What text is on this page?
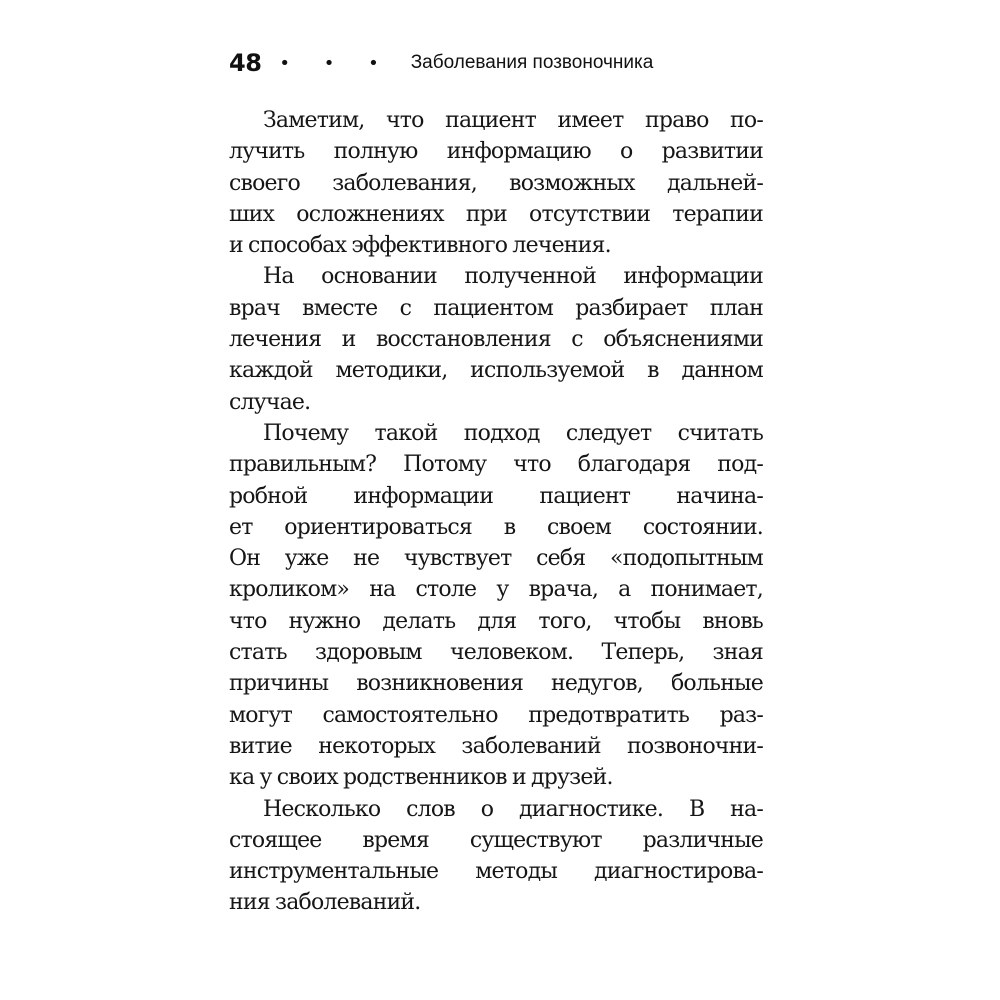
48 • • • Заболевания позвоночника
Заметим, что пациент имеет право по-
лучить полную информацию о развитии
своего заболевания, возможных дальней-
ших осложнениях при отсутствии терапии
и способах эффективного лечения.
На основании полученной информации
врач вместе с пациентом разбирает план
лечения и восстановления с объяснениями
каждой методики, используемой в данном
случае.
Почему такой подход следует считать
правильным? Потому что благодаря под-
робной информации пациент начина-
ет ориентироваться в своем состоянии.
Он уже не чувствует себя «подопытным
кроликом» на столе у врача, а понимает,
что нужно делать для того, чтобы вновь
стать здоровым человеком. Теперь, зная
причины возникновения недугов, больные
могут самостоятельно предотвратить раз-
витие некоторых заболеваний позвоночни-
ка у своих родственников и друзей.
Несколько слов о диагностике. В на-
стоящее время существуют различные
инструментальные методы диагностирова-
ния заболеваний.
